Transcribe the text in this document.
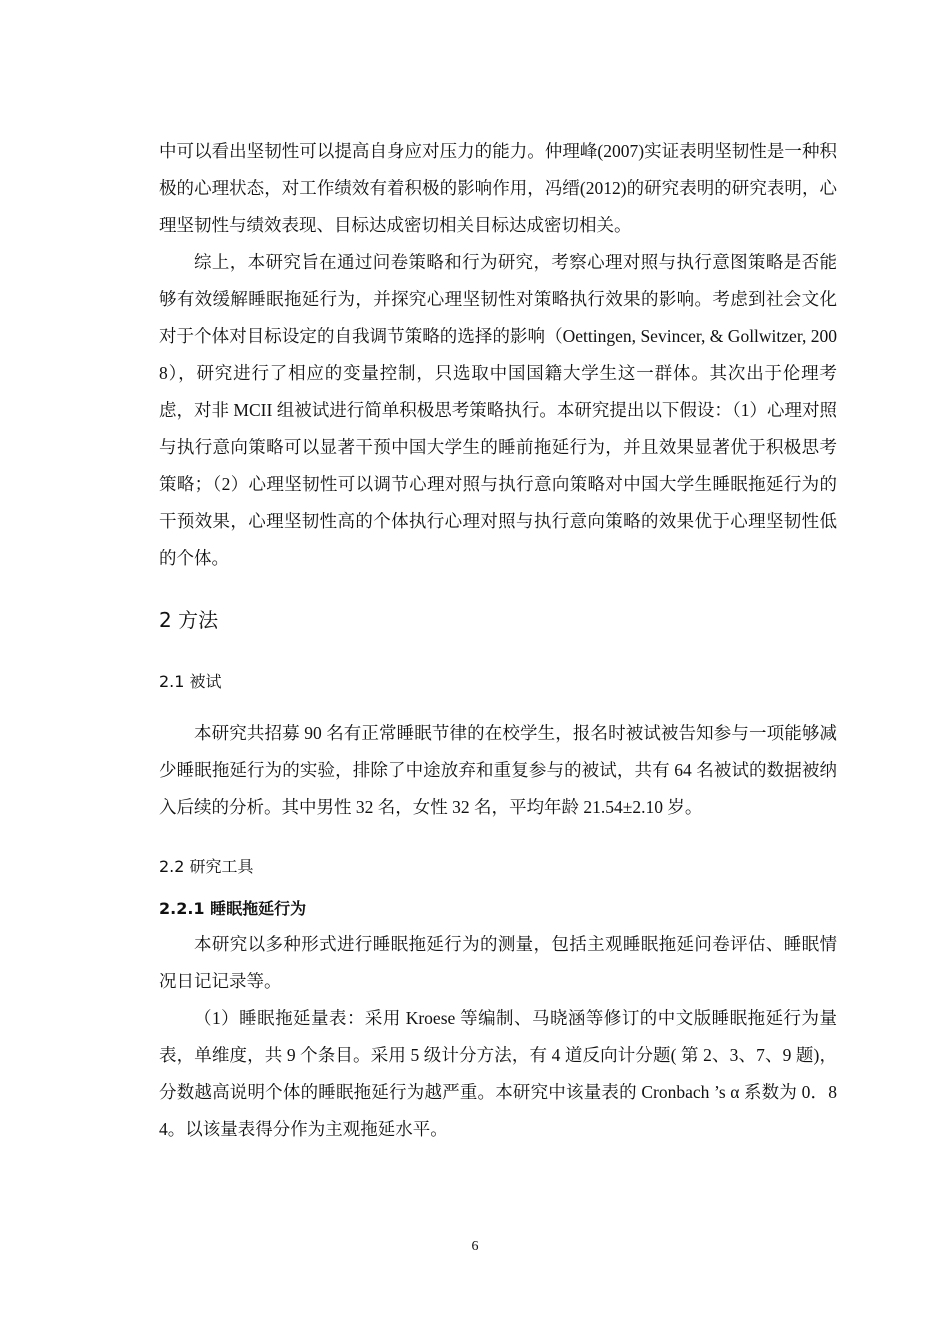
中可以看出坚韧性可以提高自身应对压力的能力。仲理峰(2007)实证表明坚韧性是一种积极的心理状态，对工作绩效有着积极的影响作用，冯缙(2012)的研究表明的研究表明，心理坚韧性与绩效表现、目标达成密切相关目标达成密切相关。

综上，本研究旨在通过问卷策略和行为研究，考察心理对照与执行意图策略是否能够有效缓解睡眠拖延行为，并探究心理坚韧性对策略执行效果的影响。考虑到社会文化对于个体对目标设定的自我调节策略的选择的影响（Oettingen, Sevincer, & Gollwitzer, 2008），研究进行了相应的变量控制，只选取中国国籍大学生这一群体。其次出于伦理考虑，对非 MCII 组被试进行简单积极思考策略执行。本研究提出以下假设：（1）心理对照与执行意向策略可以显著干预中国大学生的睡前拖延行为，并且效果显著优于积极思考策略；（2）心理坚韧性可以调节心理对照与执行意向策略对中国大学生睡眠拖延行为的干预效果，心理坚韧性高的个体执行心理对照与执行意向策略的效果优于心理坚韧性低的个体。

2 方法
2.1 被试

本研究共招募 90 名有正常睡眠节律的在校学生，报名时被试被告知参与一项能够减少睡眠拖延行为的实验，排除了中途放弃和重复参与的被试，共有 64 名被试的数据被纳入后续的分析。其中男性 32 名，女性 32 名，平均年龄 21.54±2.10 岁。

2.2 研究工具
2.2.1 睡眠拖延行为

本研究以多种形式进行睡眠拖延行为的测量，包括主观睡眠拖延问卷评估、睡眠情况日记记录等。

（1）睡眠拖延量表：采用 Kroese 等编制、马晓涵等修订的中文版睡眠拖延行为量表，单维度，共 9 个条目。采用 5 级计分方法，有 4 道反向计分题( 第 2、3、7、9 题)，分数越高说明个体的睡眠拖延行为越严重。本研究中该量表的 Cronbach ’s α 系数为 0．84。以该量表得分作为主观拖延水平。

6
